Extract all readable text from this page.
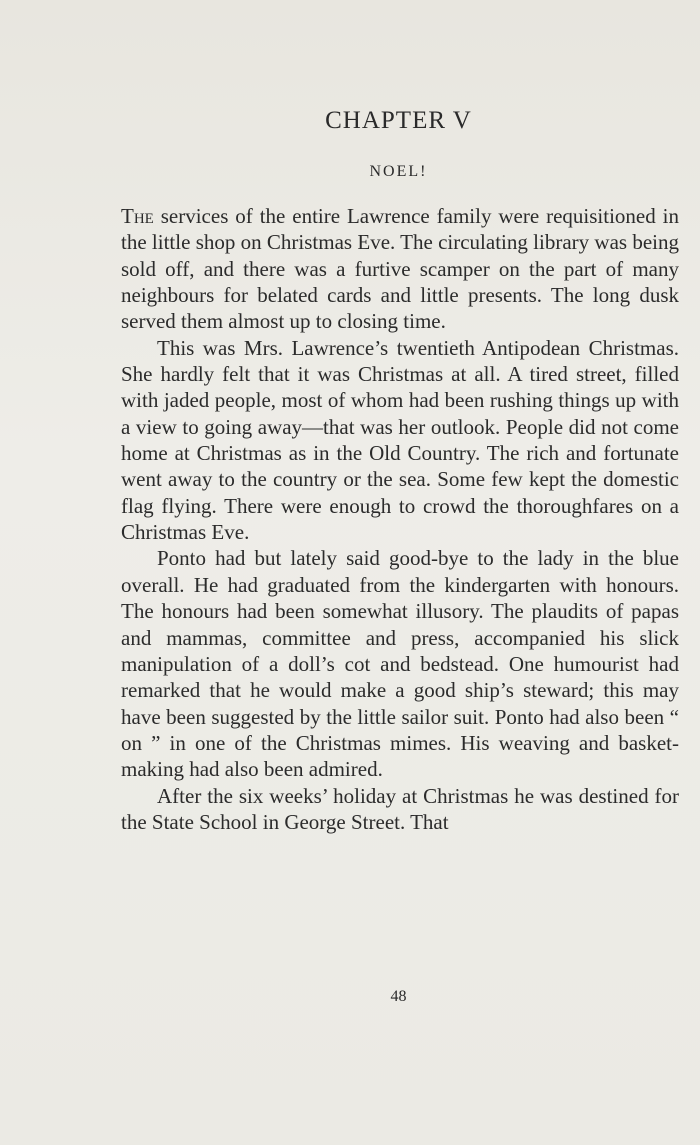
CHAPTER V
NOEL!

The services of the entire Lawrence family were requisitioned in the little shop on Christmas Eve. The circulating library was being sold off, and there was a furtive scamper on the part of many neighbours for belated cards and little presents. The long dusk served them almost up to closing time.

This was Mrs. Lawrence’s twentieth Antipodean Christmas. She hardly felt that it was Christmas at all. A tired street, filled with jaded people, most of whom had been rushing things up with a view to going away—that was her outlook. People did not come home at Christmas as in the Old Country. The rich and fortunate went away to the country or the sea. Some few kept the domestic flag flying. There were enough to crowd the thoroughfares on a Christmas Eve.

Ponto had but lately said good-bye to the lady in the blue overall. He had graduated from the kindergarten with honours. The honours had been somewhat illusory. The plaudits of papas and mammas, committee and press, accompanied his slick manipulation of a doll’s cot and bedstead. One humourist had remarked that he would make a good ship’s steward; this may have been suggested by the little sailor suit. Ponto had also been “ on ” in one of the Christmas mimes. His weaving and basket-making had also been admired.

After the six weeks’ holiday at Christmas he was destined for the State School in George Street. That

48
